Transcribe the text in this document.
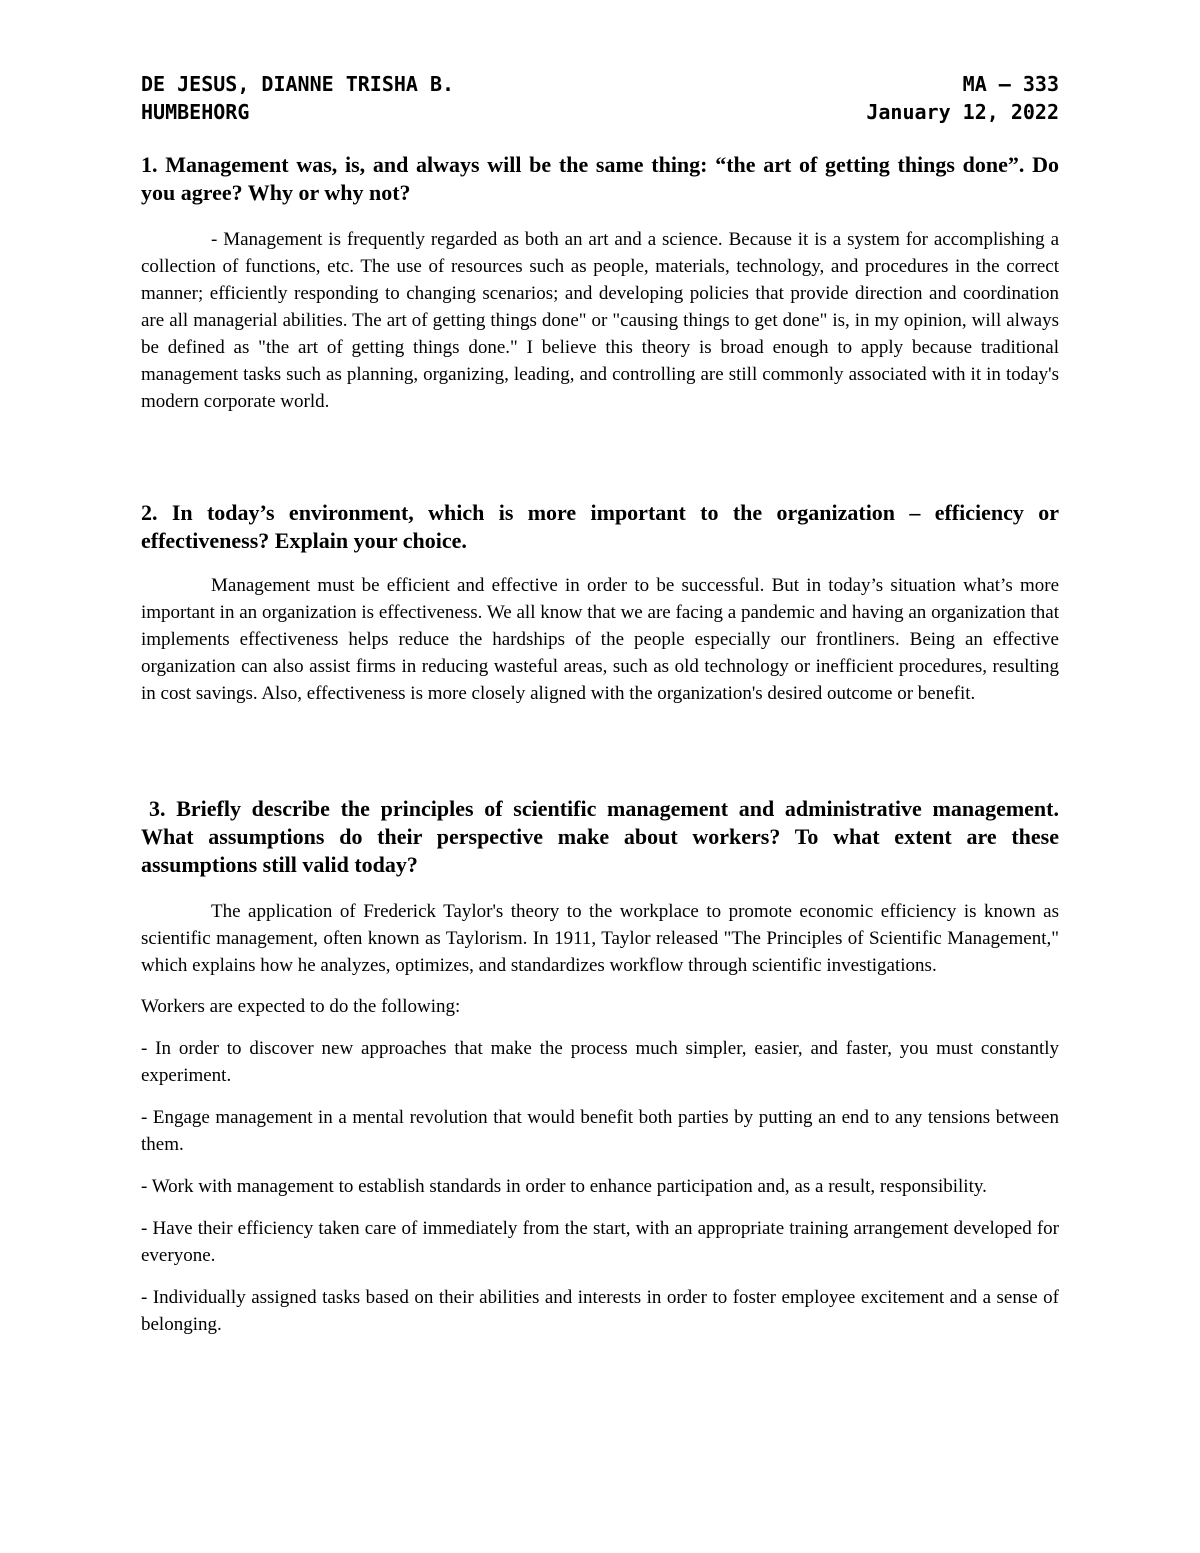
DE JESUS, DIANNE TRISHA B.	MA – 333
HUMBEHORG	January 12, 2022

1. Management was, is, and always will be the same thing: “the art of getting things done”. Do you agree? Why or why not?

- Management is frequently regarded as both an art and a science. Because it is a system for accomplishing a collection of functions, etc. The use of resources such as people, materials, technology, and procedures in the correct manner; efficiently responding to changing scenarios; and developing policies that provide direction and coordination are all managerial abilities. The art of getting things done" or "causing things to get done" is, in my opinion, will always be defined as "the art of getting things done." I believe this theory is broad enough to apply because traditional management tasks such as planning, organizing, leading, and controlling are still commonly associated with it in today's modern corporate world.

2. In today’s environment, which is more important to the organization – efficiency or effectiveness? Explain your choice.

Management must be efficient and effective in order to be successful. But in today’s situation what’s more important in an organization is effectiveness. We all know that we are facing a pandemic and having an organization that implements effectiveness helps reduce the hardships of the people especially our frontliners. Being an effective organization can also assist firms in reducing wasteful areas, such as old technology or inefficient procedures, resulting in cost savings. Also, effectiveness is more closely aligned with the organization's desired outcome or benefit.

3. Briefly describe the principles of scientific management and administrative management. What assumptions do their perspective make about workers? To what extent are these assumptions still valid today?

The application of Frederick Taylor's theory to the workplace to promote economic efficiency is known as scientific management, often known as Taylorism. In 1911, Taylor released "The Principles of Scientific Management," which explains how he analyzes, optimizes, and standardizes workflow through scientific investigations.

Workers are expected to do the following:

- In order to discover new approaches that make the process much simpler, easier, and faster, you must constantly experiment.

- Engage management in a mental revolution that would benefit both parties by putting an end to any tensions between them.

- Work with management to establish standards in order to enhance participation and, as a result, responsibility.

- Have their efficiency taken care of immediately from the start, with an appropriate training arrangement developed for everyone.

- Individually assigned tasks based on their abilities and interests in order to foster employee excitement and a sense of belonging.
